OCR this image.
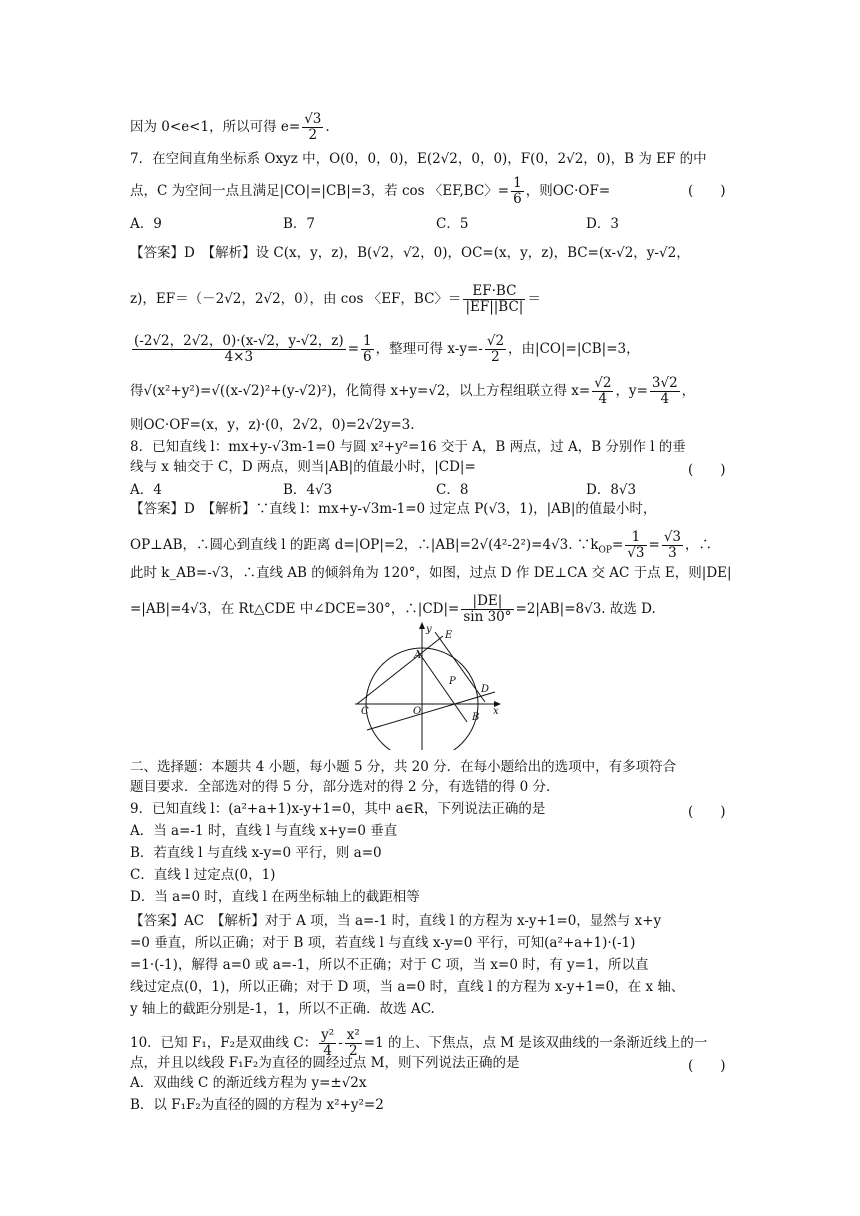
因为 0<e<1，所以可得 $e= \frac{√3}{2}$ .
7．在空间直角坐标系 Oxyz 中，O(0，0，0)，E(2√2，0，0)，F(0，2√2，0)，B 为 EF 的中
点，C 为空间一点且满足|CO|=|CB|=3，若 cos 〈EF,BC〉= $\frac{1}{6}$ ，则OC·OF=	(　　)
A．9	B．7	C．5	D．3
【答案】D　【解析】设 C(x，y，z)，B(√2，√2，0)，OC=(x，y，z)，BC=(x-√2，y-√2，
z)，EF＝（－2√2，2√2，0），由 cos 〈EF，BC〉＝ $\frac{EF\cdot BC}{|EF||BC|}$ ＝
$\frac{(-2√2,2√2,0)\cdot(x-√2,y-√2,z)}{4\times 3} = \frac{1}{6}$ ，整理可得 $x-y=- \frac{√2}{2}$ ，由|CO|=|CB|=3，
得√(x²+y²)=√((x-√2)²+(y-√2)²)，化简得 x+y=√2，以上方程组联立得 $x= \frac{√2}{4}$ ，$y= \frac{3√2}{4}$ ，
则OC·OF=(x，y，z)·(0，2√2，0)=2√2y=3.
8．已知直线 l：mx+y-√3m-1=0 与圆 x²+y²=16 交于 A，B 两点，过 A，B 分别作 l 的垂
线与 x 轴交于 C，D 两点，则当|AB|的值最小时，|CD|=	(　　)
A．4	B．4√3	C．8	D．8√3
【答案】D　【解析】∵直线 l：mx+y-√3m-1=0 过定点 P(√3，1)，|AB|的值最小时，
OP⊥AB，∴圆心到直线 l 的距离 d=|OP|=2，∴|AB|=2√(4²-2²)=4√3. $\because k_{OP}= \frac{1}{√3} = \frac{√3}{3}$ ，∴
此时 k_AB=-√3，∴直线 AB 的倾斜角为 120°，如图，过点 D 作 DE⊥CA 交 AC 于点 E，则|DE|
=|AB|=4√3，在 Rt△CDE 中∠DCE=30°，∴|CD|= $\frac{|DE|}{\sin 30^\circ} =2|AB|=8√3$. 故选 D.
y
E
A
P
D
C	O
B
x
二、选择题：本题共 4 小题，每小题 5 分，共 20 分．在每小题给出的选项中，有多项符合
题目要求．全部选对的得 5 分，部分选对的得 2 分，有选错的得 0 分．
9．已知直线 l：(a²+a+1)x-y+1=0，其中 a∈R，下列说法正确的是	(　　)
A．当 a=-1 时，直线 l 与直线 x+y=0 垂直
B．若直线 l 与直线 x-y=0 平行，则 a=0
C．直线 l 过定点(0，1)
D．当 a=0 时，直线 l 在两坐标轴上的截距相等
【答案】AC　【解析】对于 A 项，当 a=-1 时，直线 l 的方程为 x-y+1=0，显然与 x+y
=0 垂直，所以正确；对于 B 项，若直线 l 与直线 x-y=0 平行，可知(a²+a+1)·(-1)
=1·(-1)，解得 a=0 或 a=-1，所以不正确；对于 C 项，当 x=0 时，有 y=1，所以直
线过定点(0，1)，所以正确；对于 D 项，当 a=0 时，直线 l 的方程为 x-y+1=0，在 x 轴、
y 轴上的截距分别是-1，1，所以不正确．故选 AC.
10．已知 F₁，F₂是双曲线 C： $\frac{\text{y²}}{4} - \frac{\text{x²}}{2} =1$ 的上、下焦点，点 M 是该双曲线的一条渐近线上的一
点，并且以线段 F₁F₂为直径的圆经过点 M，则下列说法正确的是	(　　)
A．双曲线 C 的渐近线方程为 y=±√2x
B．以 F₁F₂为直径的圆的方程为 x²+y²=2
